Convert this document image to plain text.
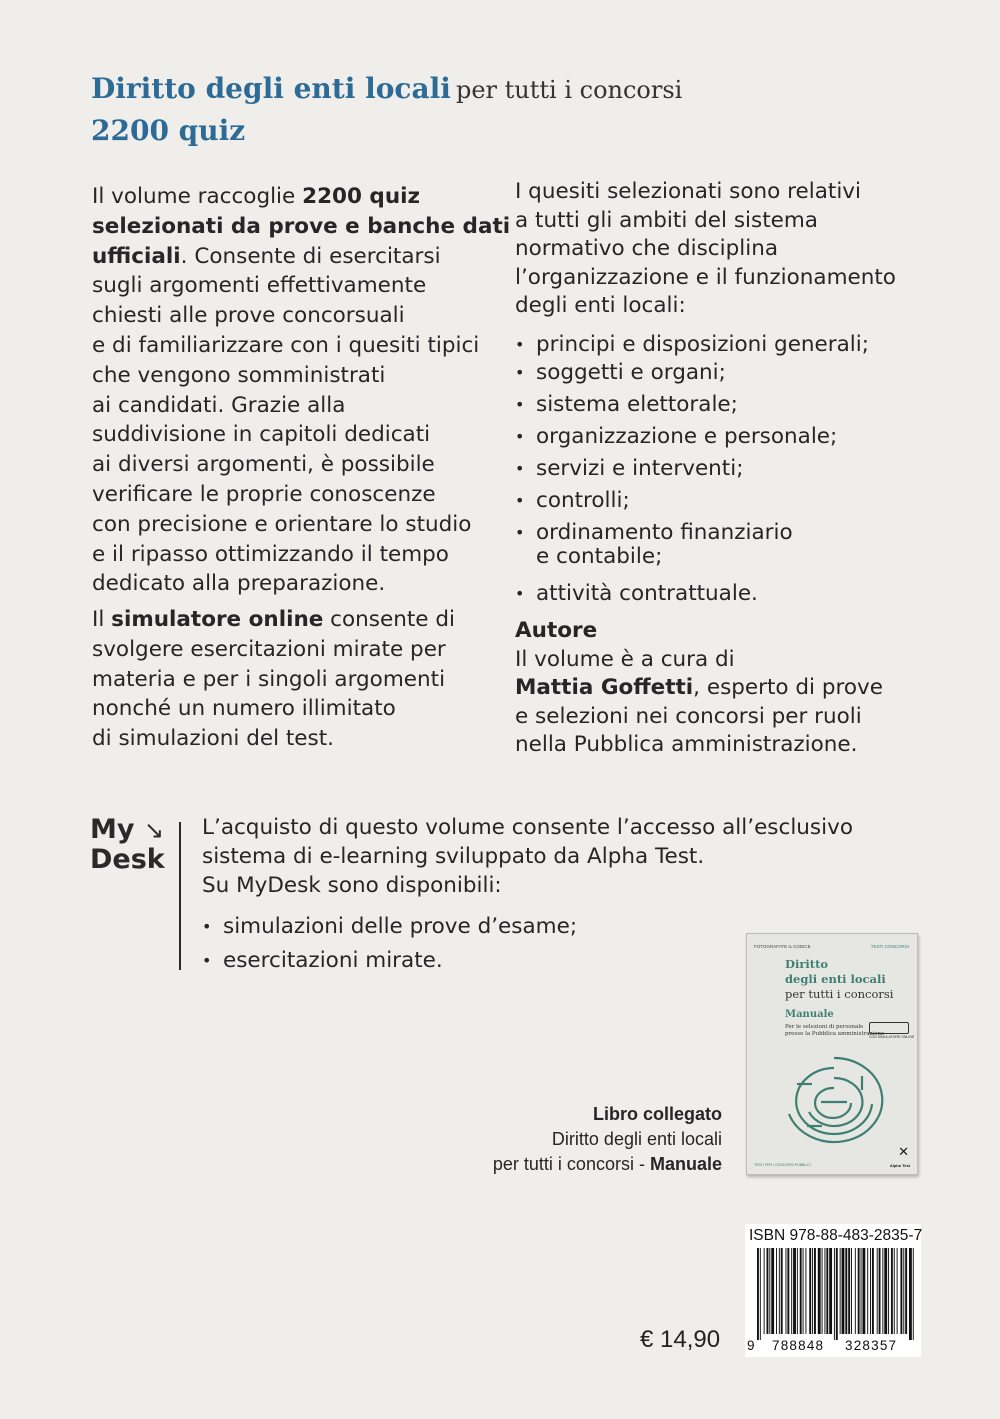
Diritto degli enti locali per tutti i concorsi
2200 quiz
Il volume raccoglie 2200 quiz
selezionati da prove e banche dati
ufficiali. Consente di esercitarsi
sugli argomenti effettivamente
chiesti alle prove concorsuali
e di familiarizzare con i quesiti tipici
che vengono somministrati
ai candidati. Grazie alla
suddivisione in capitoli dedicati
ai diversi argomenti, è possibile
verificare le proprie conoscenze
con precisione e orientare lo studio
e il ripasso ottimizzando il tempo
dedicato alla preparazione.
Il simulatore online consente di
svolgere esercitazioni mirate per
materia e per i singoli argomenti
nonché un numero illimitato
di simulazioni del test.
I quesiti selezionati sono relativi
a tutti gli ambiti del sistema
normativo che disciplina
l’organizzazione e il funzionamento
degli enti locali:
• principi e disposizioni generali;
• soggetti e organi;
• sistema elettorale;
• organizzazione e personale;
• servizi e interventi;
• controlli;
• ordinamento finanziario
e contabile;
• attività contrattuale.
Autore
Il volume è a cura di
Mattia Goffetti, esperto di prove
e selezioni nei concorsi per ruoli
nella Pubblica amministrazione.
My ↘
Desk
L’acquisto di questo volume consente l’accesso all’esclusivo
sistema di e-learning sviluppato da Alpha Test.
Su MyDesk sono disponibili:
• simulazioni delle prove d’esame;
• esercitazioni mirate.
Libro collegato
Diritto degli enti locali
per tutti i concorsi - Manuale
FOTOGRAFATE IL CODICE	TESTI CONCORSI
Diritto
degli enti locali
per tutti i concorsi
Manuale
Per le selezioni di personale
presso la Pubblica amministrazione
CON SIMULATORE ONLINE
TESTI PER I CONCORSI PUBBLICI
✕
Alpha Test
ISBN 978-88-483-2835-7
9 788848 328357
€ 14,90
